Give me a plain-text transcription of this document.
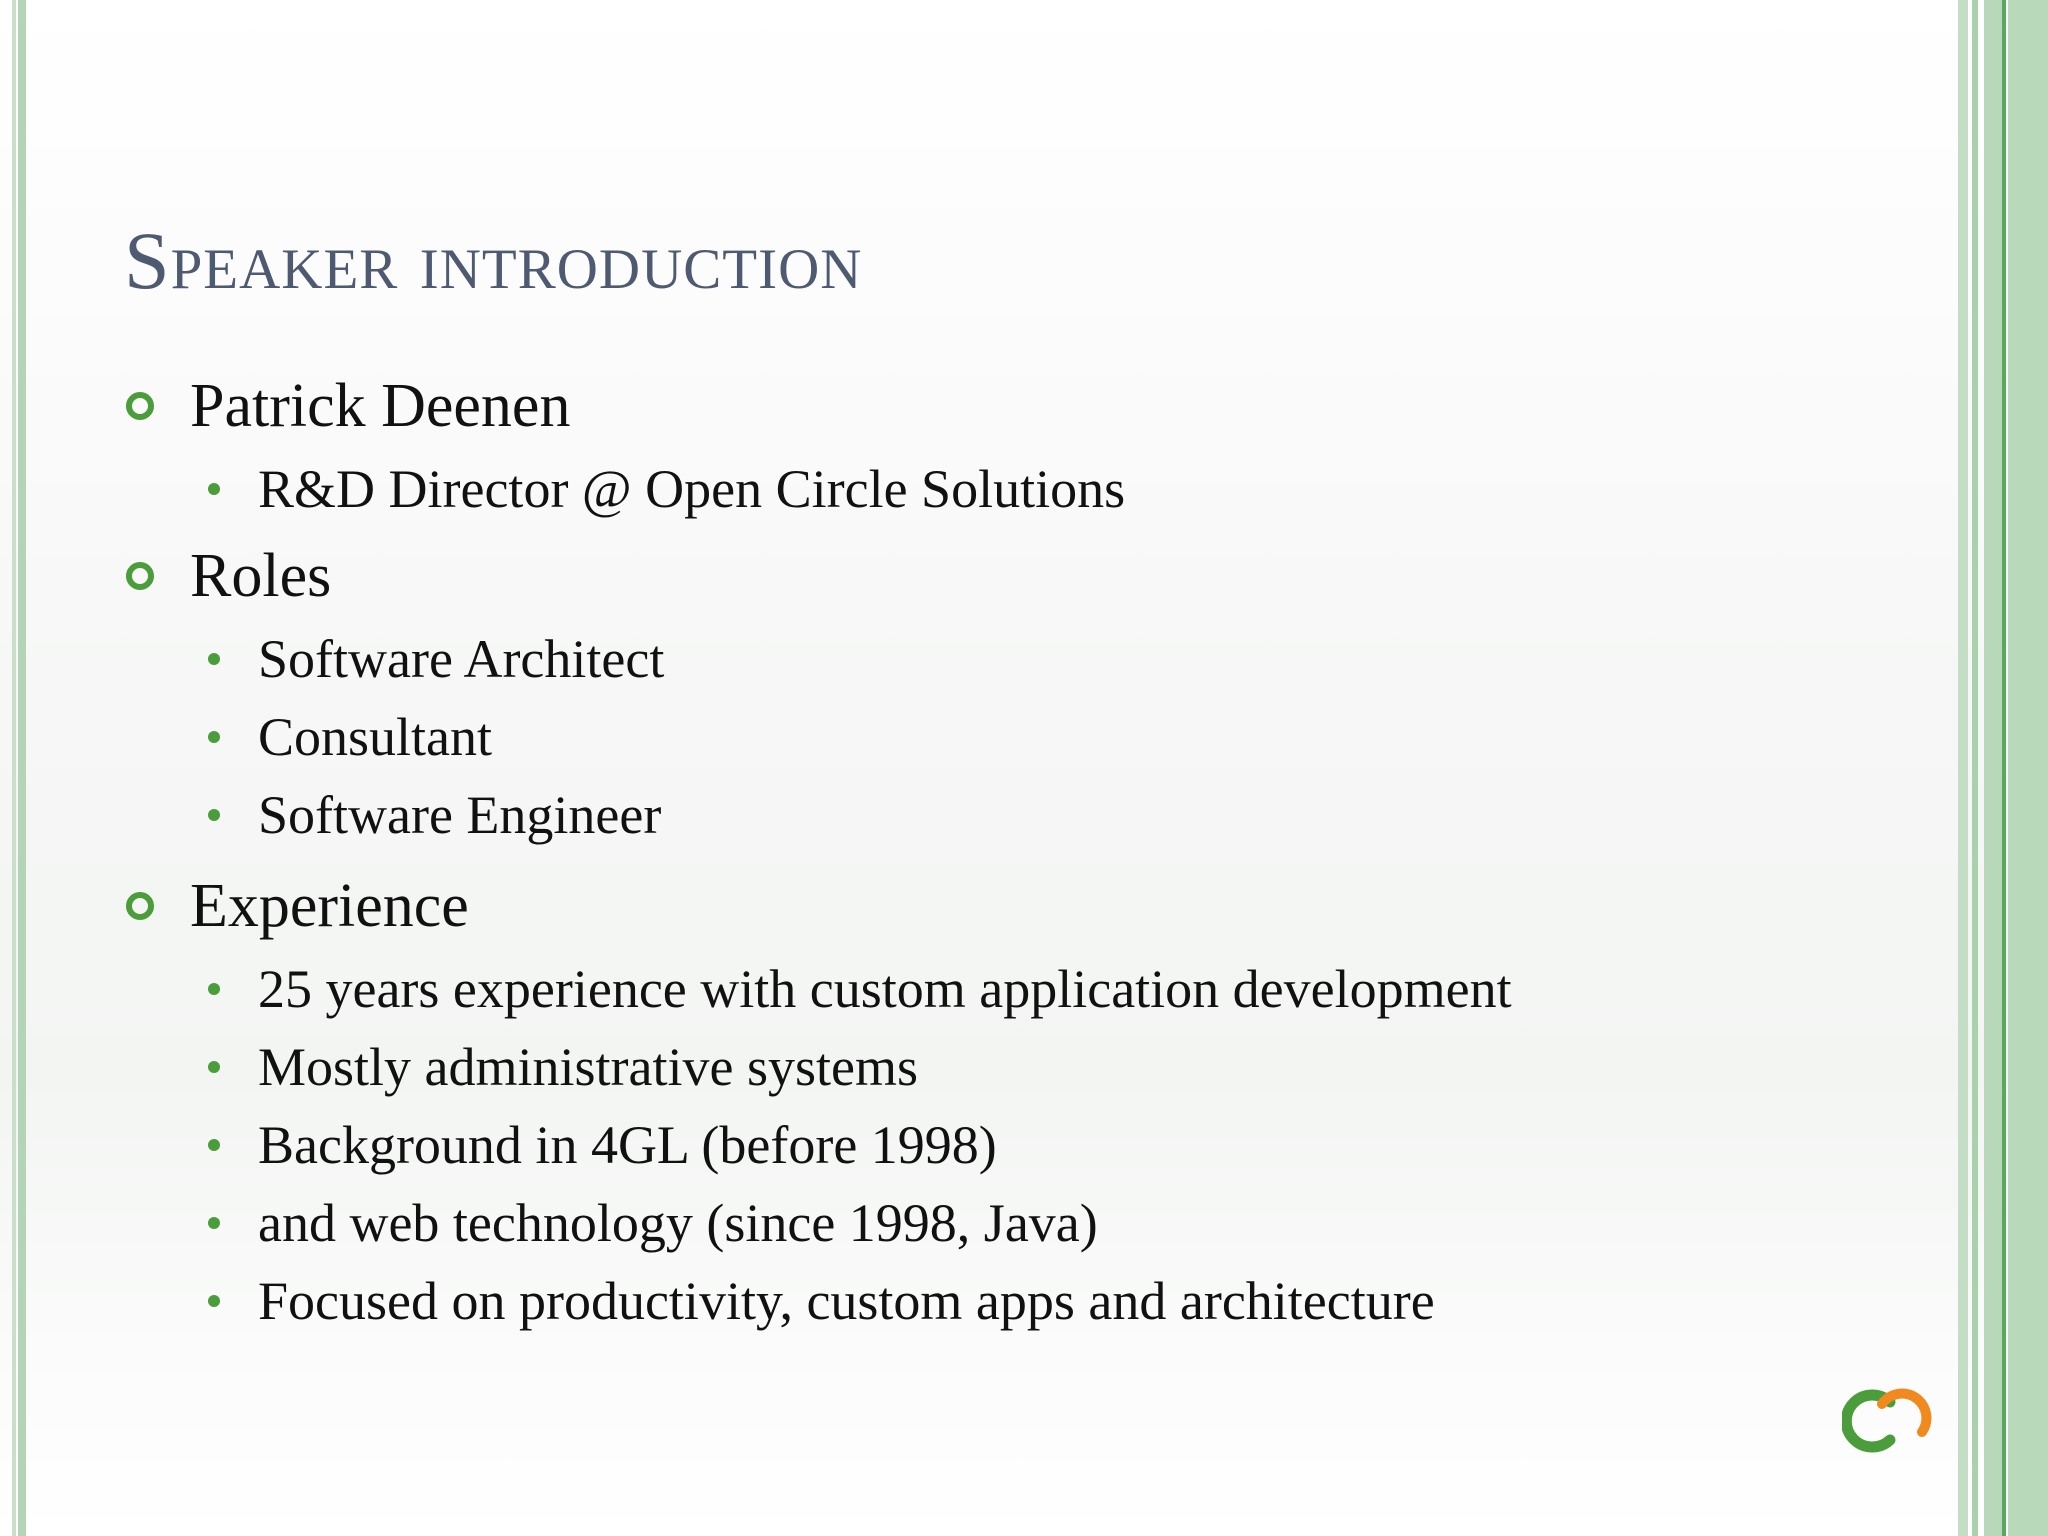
Speaker introduction
Patrick Deenen
R&D Director @ Open Circle Solutions
Roles
Software Architect
Consultant
Software Engineer
Experience
25 years experience with custom application development
Mostly administrative systems
Background in 4GL (before 1998)
and web technology (since 1998, Java)
Focused on productivity, custom apps and architecture
